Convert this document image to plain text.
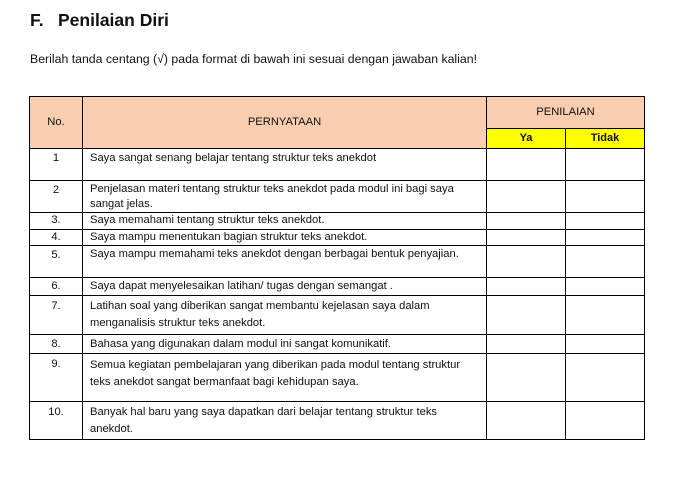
F. Penilaian Diri
Berilah tanda centang (√) pada format di bawah ini sesuai dengan jawaban kalian!
No.	PERNYATAAN	PENILAIAN	
		Ya	Tidak
1	Saya sangat senang belajar tentang struktur teks anekdot		
2	Penjelasan materi tentang struktur teks anekdot pada modul ini bagi saya sangat jelas.		
3.	Saya memahami tentang struktur teks anekdot.		
4.	Saya mampu menentukan bagian struktur teks anekdot.		
5.	Saya mampu memahami teks anekdot dengan berbagai bentuk penyajian.		
6.	Saya dapat menyelesaikan latihan/ tugas dengan semangat .		
7.	Latihan soal yang diberikan sangat membantu kejelasan saya dalam menganalisis struktur teks anekdot.		
8.	Bahasa yang digunakan dalam modul ini sangat komunikatif.		
9.	Semua kegiatan pembelajaran yang diberikan pada modul tentang struktur teks anekdot sangat bermanfaat bagi kehidupan saya.		
10.	Banyak hal baru yang saya dapatkan dari belajar tentang struktur teks anekdot.		
